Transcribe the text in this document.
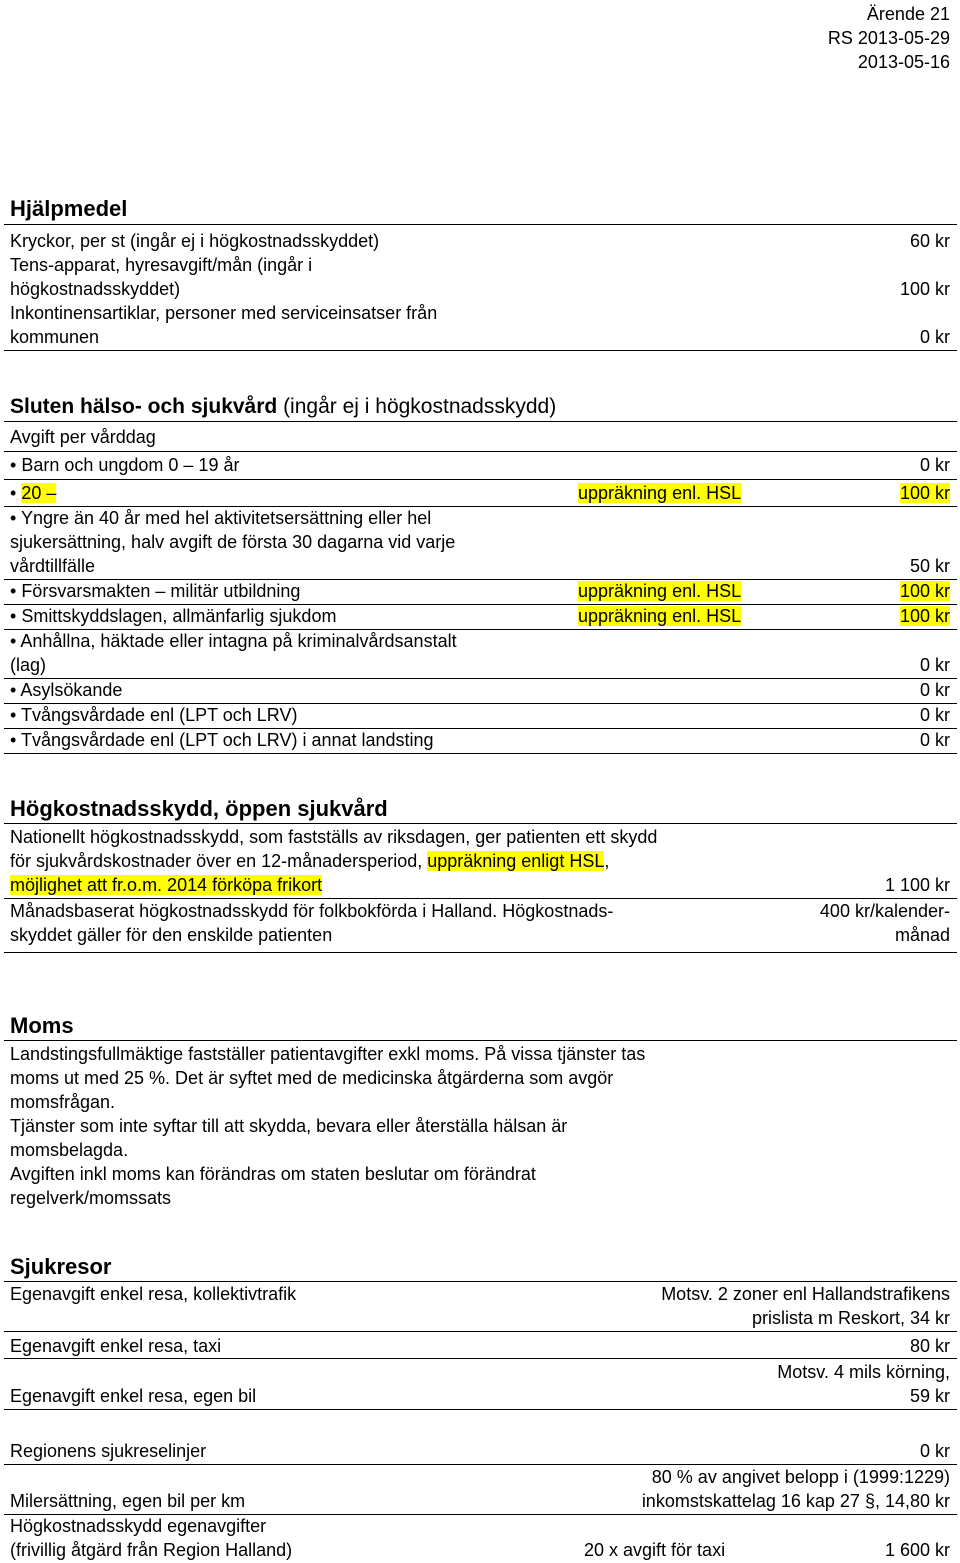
Ärende 21
RS 2013-05-29
2013-05-16
Hjälpmedel
Kryckor, per st (ingår ej i högkostnadsskyddet)	60 kr
Tens-apparat, hyresavgift/mån (ingår i
högkostnadsskyddet)	100 kr
Inkontinensartiklar, personer med serviceinsatser från
kommunen	0 kr
Sluten hälso- och sjukvård (ingår ej i högkostnadsskydd)
Avgift per vårddag
• Barn och ungdom 0 – 19 år	0 kr
• 20 –	uppräkning enl. HSL	100 kr
• Yngre än 40 år med hel aktivitetsersättning eller hel
sjukersättning, halv avgift de första 30 dagarna vid varje
vårdtillfälle	50 kr
• Försvarsmakten – militär utbildning	uppräkning enl. HSL	100 kr
• Smittskyddslagen, allmänfarlig sjukdom	uppräkning enl. HSL	100 kr
• Anhållna, häktade eller intagna på kriminalvårdsanstalt
(lag)	0 kr
• Asylsökande	0 kr
• Tvångsvårdade enl (LPT och LRV)	0 kr
• Tvångsvårdade enl (LPT och LRV) i annat landsting	0 kr
Högkostnadsskydd, öppen sjukvård
Nationellt högkostnadsskydd, som fastställs av riksdagen, ger patienten ett skydd
för sjukvårdskostnader över en 12-månadersperiod, uppräkning enligt HSL,
möjlighet att fr.o.m. 2014 förköpa frikort	1 100 kr
Månadsbaserat högkostnadsskydd för folkbokförda i Halland. Högkostnads-
skyddet gäller för den enskilde patienten
400 kr/kalender-
månad
Moms
Landstingsfullmäktige fastställer patientavgifter exkl moms. På vissa tjänster tas
moms ut med 25 %. Det är syftet med de medicinska åtgärderna som avgör
momsfrågan.
Tjänster som inte syftar till att skydda, bevara eller återställa hälsan är
momsbelagda.
Avgiften inkl moms kan förändras om staten beslutar om förändrat
regelverk/momssats
Sjukresor
Egenavgift enkel resa, kollektivtrafik	Motsv. 2 zoner enl Hallandstrafikens
prislista m Reskort, 34 kr
Egenavgift enkel resa, taxi	80 kr
Motsv. 4 mils körning,
Egenavgift enkel resa, egen bil	59 kr
Regionens sjukreselinjer	0 kr
80 % av angivet belopp i (1999:1229)
Milersättning, egen bil per km	inkomstskattelag 16 kap 27 §, 14,80 kr
Högkostnadsskydd egenavgifter
(frivillig åtgärd från Region Halland)	20 x avgift för taxi	1 600 kr
